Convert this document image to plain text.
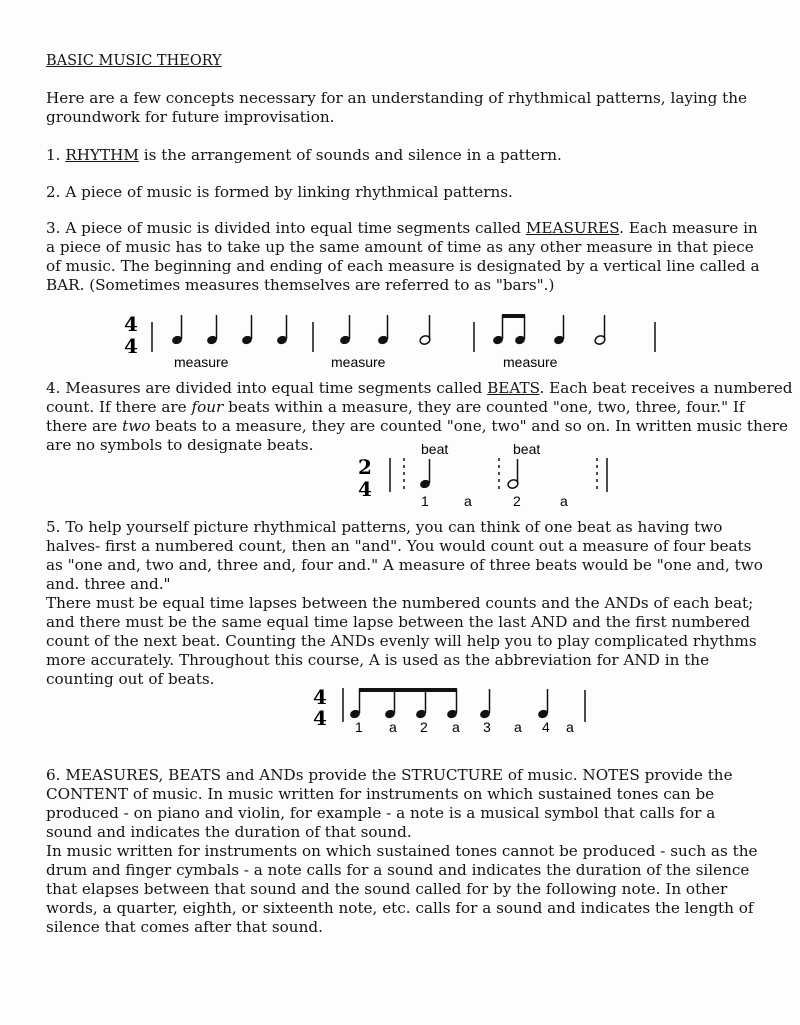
BASIC MUSIC THEORY
Here are a few concepts necessary for an understanding of rhythmical patterns, laying the
groundwork for future improvisation.
1. RHYTHM is the arrangement of sounds and silence in a pattern.
2. A piece of music is formed by linking rhythmical patterns.
3. A piece of music is divided into equal time segments called MEASURES. Each measure in
a piece of music has to take up the same amount of time as any other measure in that piece
of music. The beginning and ending of each measure is designated by a vertical line called a
BAR. (Sometimes measures themselves are referred to as "bars".)
4
4
measure	measure	measure
4. Measures are divided into equal time segments called BEATS. Each beat receives a numbered
count. If there are four beats within a measure, they are counted "one, two, three, four." If
there are two beats to a measure, they are counted "one, two" and so on. In written music there
are no symbols to designate beats.	beat	beat
2
4	1	a	2	a
5. To help yourself picture rhythmical patterns, you can think of one beat as having two
halves- first a numbered count, then an "and". You would count out a measure of four beats
as "one and, two and, three and, four and." A measure of three beats would be "one and, two
and. three and."
There must be equal time lapses between the numbered counts and the ANDs of each beat;
and there must be the same equal time lapse between the last AND and the first numbered
count of the next beat. Counting the ANDs evenly will help you to play complicated rhythms
more accurately. Throughout this course, A is used as the abbreviation for AND in the
counting out of beats.
4
4 1 a 2 a 3 a 4 a
6. MEASURES, BEATS and ANDs provide the STRUCTURE of music. NOTES provide the
CONTENT of music. In music written for instruments on which sustained tones can be
produced - on piano and violin, for example - a note is a musical symbol that calls for a
sound and indicates the duration of that sound.
In music written for instruments on which sustained tones cannot be produced - such as the
drum and finger cymbals - a note calls for a sound and indicates the duration of the silence
that elapses between that sound and the sound called for by the following note. In other
words, a quarter, eighth, or sixteenth note, etc. calls for a sound and indicates the length of
silence that comes after that sound.
